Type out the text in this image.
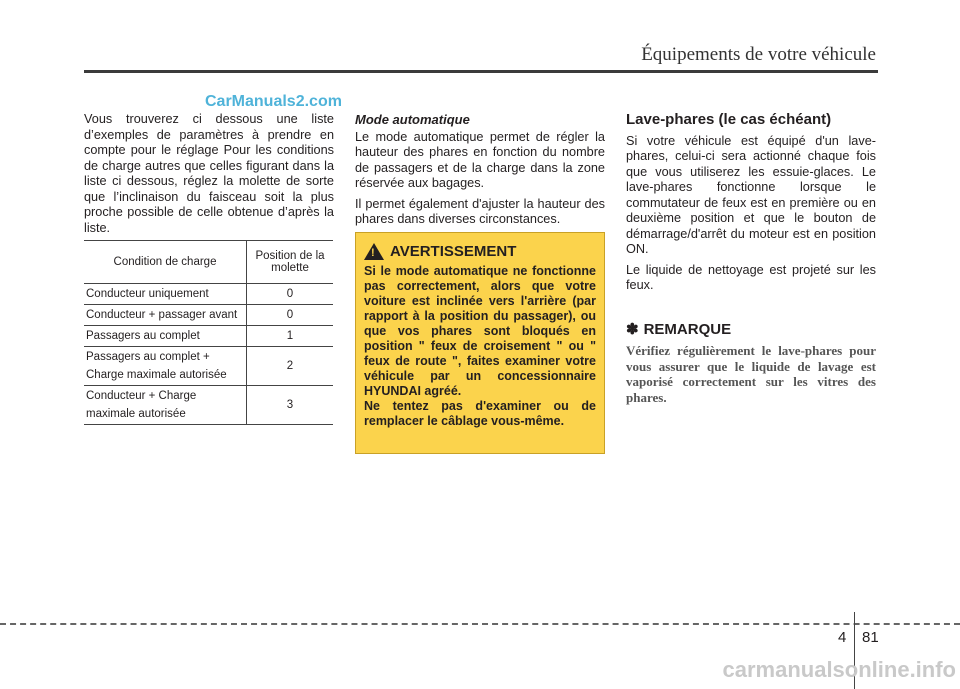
Équipements de votre véhicule
CarManuals2.com

Vous trouverez ci dessous une liste d’exemples de paramètres à prendre en compte pour le réglage Pour les conditions de charge autres que celles figurant dans la liste ci dessous, réglez la molette de sorte que l’inclinaison du faisceau soit la plus proche possible de celle obtenue d’après la liste.

Condition de charge	Position de la molette
Conducteur uniquement	0
Conducteur + passager avant	0
Passagers au complet	1

Passagers au complet +
Charge maximale autorisée	2

Conducteur + Charge
maximale autorisée	3

Mode automatique

Le mode automatique permet de régler la hauteur des phares en fonction du nombre de passagers et de la charge dans la zone réservée aux bagages.

Il permet également d'ajuster la hauteur des phares dans diverses circonstances.

! AVERTISSEMENT

Si le mode automatique ne fonctionne pas correctement, alors que votre voiture est inclinée vers l'arrière (par rapport à la position du passager), ou que vos phares sont bloqués en position " feux de croisement " ou " feux de route ", faites examiner votre véhicule par un concessionnaire HYUNDAI agréé.

Ne tentez pas d'examiner ou de remplacer le câblage vous-même.

Lave-phares (le cas échéant)

Si votre véhicule est équipé d'un lave-phares, celui-ci sera actionné chaque fois que vous utiliserez les essuie-glaces. Le lave-phares fonctionne lorsque le commutateur de feux est en première ou en deuxième position et que le bouton de démarrage/d'arrêt du moteur est en position ON.

Le liquide de nettoyage est projeté sur les feux.

✽ REMARQUE

Vérifiez régulièrement le lave-phares pour vous assurer que le liquide de lavage est vaporisé correctement sur les vitres des phares.

4 81
carmanualsonline.info
